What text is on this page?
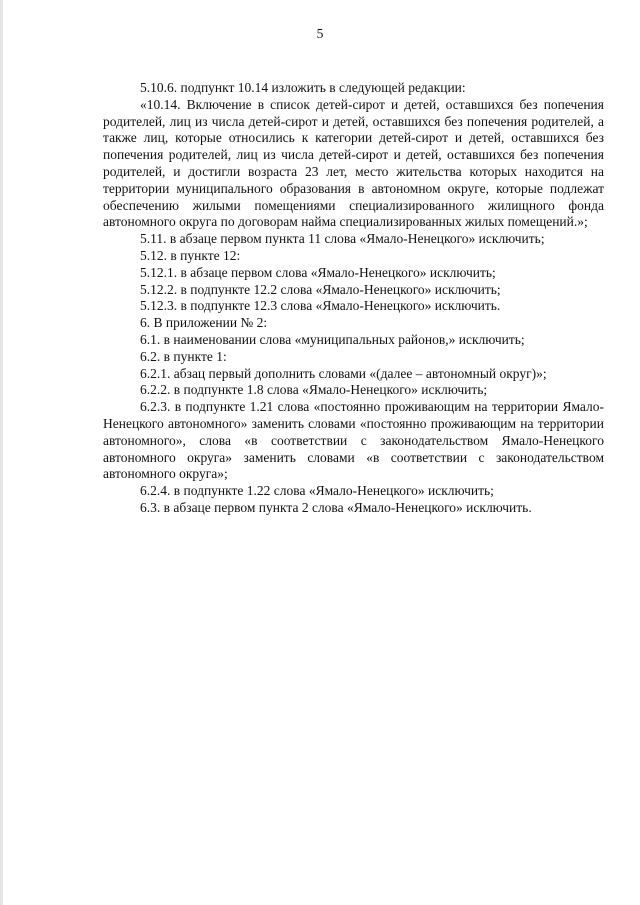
5

5.10.6. подпункт 10.14 изложить в следующей редакции:

«10.14. Включение в список детей-сирот и детей, оставшихся без попечения родителей, лиц из числа детей-сирот и детей, оставшихся без попечения родителей, а также лиц, которые относились к категории детей-сирот и детей, оставшихся без попечения родителей, лиц из числа детей-сирот и детей, оставшихся без попечения родителей, и достигли возраста 23 лет, место жительства которых находится на территории муниципального образования в автономном округе, которые подлежат обеспечению жилыми помещениями специализированного жилищного фонда автономного округа по договорам найма специализированных жилых помещений.»;

5.11. в абзаце первом пункта 11 слова «Ямало-Ненецкого» исключить;

5.12. в пункте 12:

5.12.1. в абзаце первом слова «Ямало-Ненецкого» исключить;

5.12.2. в подпункте 12.2 слова «Ямало-Ненецкого» исключить;

5.12.3. в подпункте 12.3 слова «Ямало-Ненецкого» исключить.

6. В приложении № 2:

6.1. в наименовании слова «муниципальных районов,» исключить;

6.2. в пункте 1:

6.2.1. абзац первый дополнить словами «(далее – автономный округ)»;

6.2.2. в подпункте 1.8 слова «Ямало-Ненецкого» исключить;

6.2.3. в подпункте 1.21 слова «постоянно проживающим на территории Ямало-Ненецкого автономного» заменить словами «постоянно проживающим на территории автономного», слова «в соответствии с законодательством Ямало-Ненецкого автономного округа» заменить словами «в соответствии с законодательством автономного округа»;

6.2.4. в подпункте 1.22 слова «Ямало-Ненецкого» исключить;

6.3. в абзаце первом пункта 2 слова «Ямало-Ненецкого» исключить.
